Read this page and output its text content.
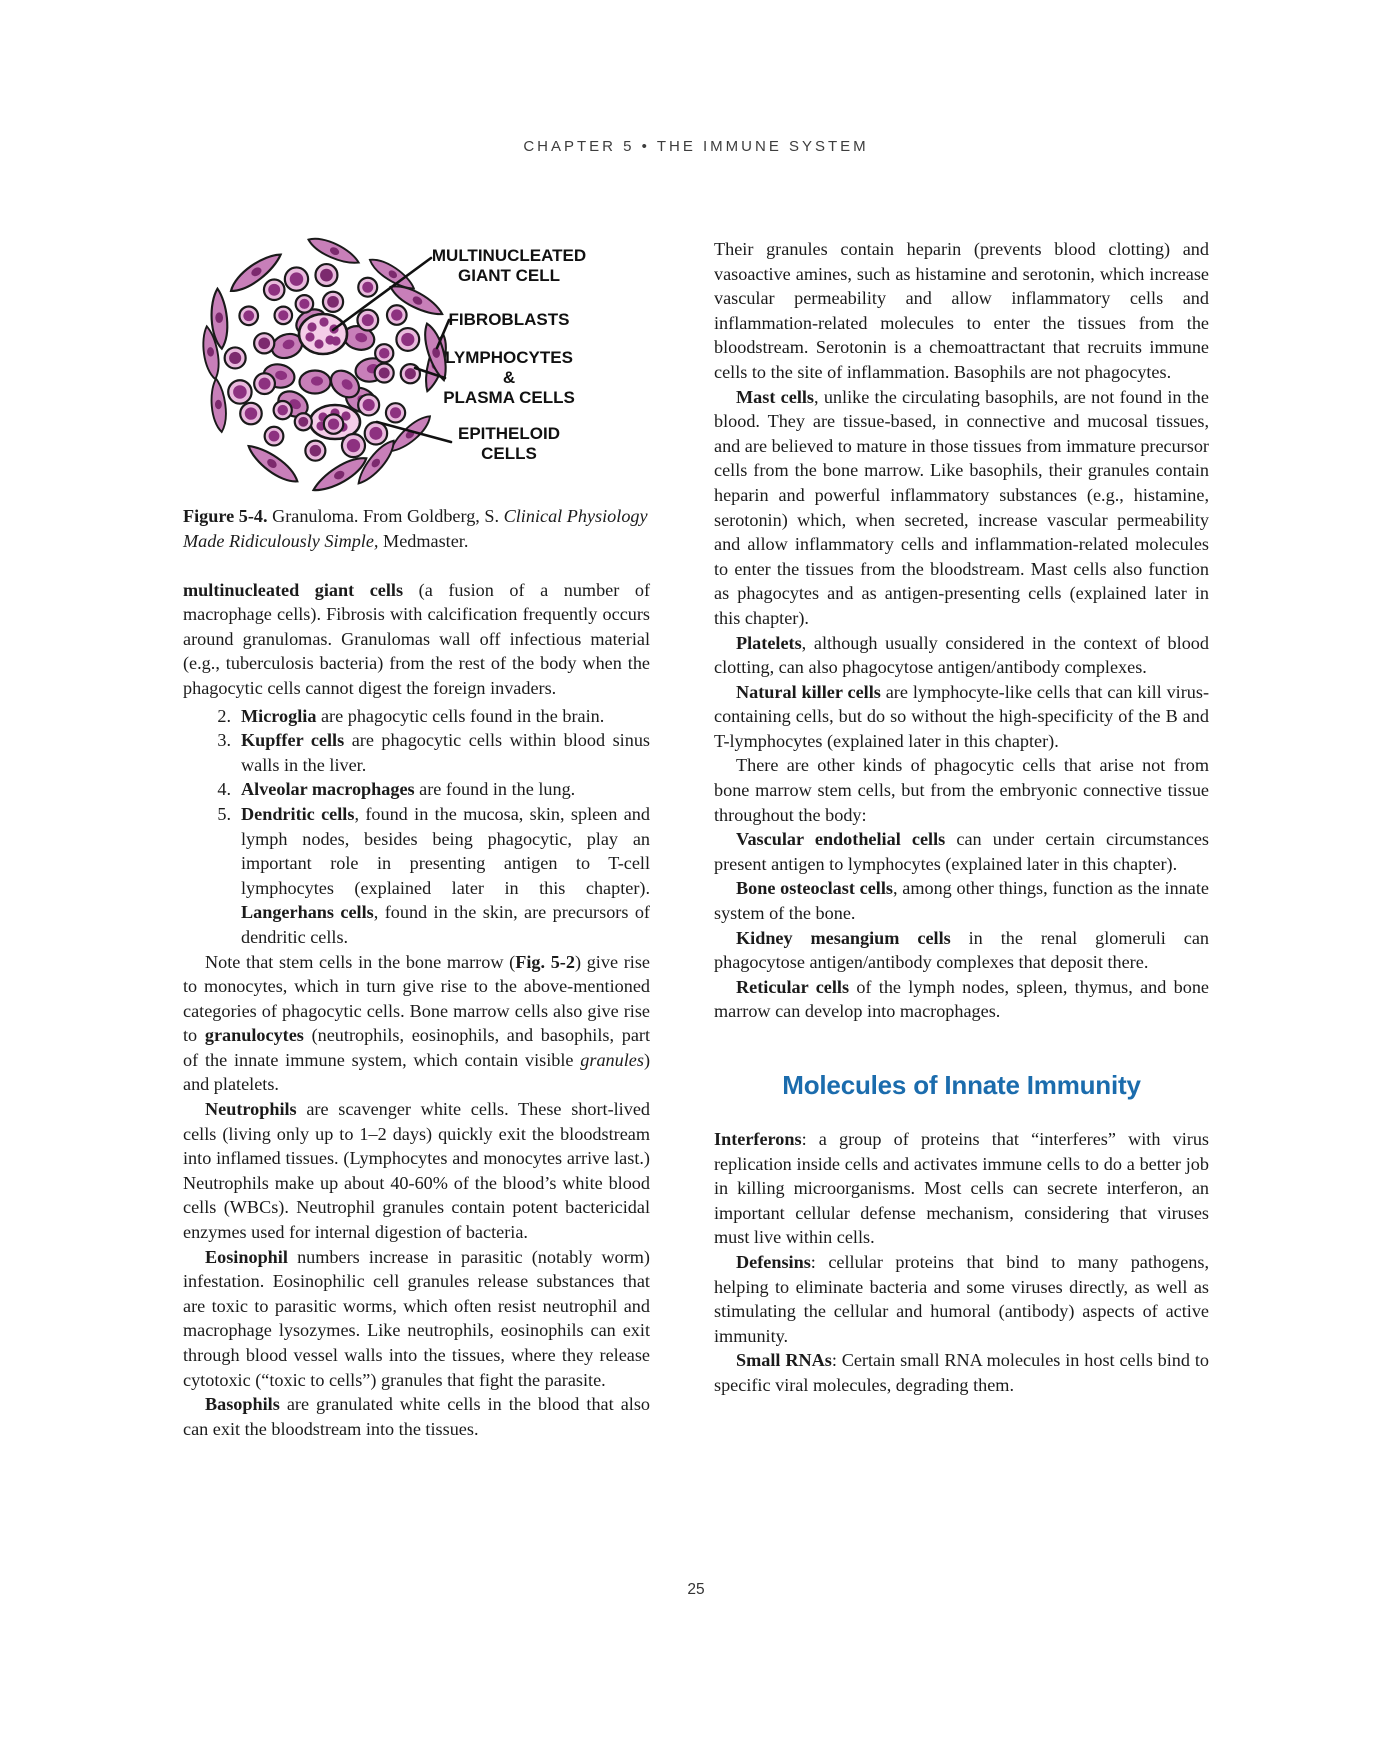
CHAPTER 5 • THE IMMUNE SYSTEM
MULTINUCLEATED
GIANT CELL
FIBROBLASTS
LYMPHOCYTES
&
PLASMA CELLS
EPITHELOID
CELLS
Figure 5-4. Granuloma. From Goldberg, S. Clinical Physiology Made Ridiculously Simple, Medmaster.

multinucleated giant cells (a fusion of a number of macrophage cells). Fibrosis with calcification frequently occurs around granulomas. Granulomas wall off infectious material (e.g., tuberculosis bacteria) from the rest of the body when the phagocytic cells cannot digest the foreign invaders.

2. Microglia are phagocytic cells found in the brain.
3. Kupffer cells are phagocytic cells within blood sinus walls in the liver.
4. Alveolar macrophages are found in the lung.
5. Dendritic cells, found in the mucosa, skin, spleen and lymph nodes, besides being phagocytic, play an important role in presenting antigen to T-cell lymphocytes (explained later in this chapter). Langerhans cells, found in the skin, are precursors of dendritic cells.

Note that stem cells in the bone marrow (Fig. 5-2) give rise to monocytes, which in turn give rise to the above-mentioned categories of phagocytic cells. Bone marrow cells also give rise to granulocytes (neutrophils, eosinophils, and basophils, part of the innate immune system, which contain visible granules) and platelets.

Neutrophils are scavenger white cells. These short-lived cells (living only up to 1–2 days) quickly exit the bloodstream into inflamed tissues. (Lymphocytes and monocytes arrive last.) Neutrophils make up about 40-60% of the blood’s white blood cells (WBCs). Neutrophil granules contain potent bactericidal enzymes used for internal digestion of bacteria.

Eosinophil numbers increase in parasitic (notably worm) infestation. Eosinophilic cell granules release substances that are toxic to parasitic worms, which often resist neutrophil and macrophage lysozymes. Like neutrophils, eosinophils can exit through blood vessel walls into the tissues, where they release cytotoxic (“toxic to cells”) granules that fight the parasite.

Basophils are granulated white cells in the blood that also can exit the bloodstream into the tissues.

Their granules contain heparin (prevents blood clotting) and vasoactive amines, such as histamine and serotonin, which increase vascular permeability and allow inflammatory cells and inflammation-related molecules to enter the tissues from the bloodstream. Serotonin is a chemoattractant that recruits immune cells to the site of inflammation. Basophils are not phagocytes.

Mast cells, unlike the circulating basophils, are not found in the blood. They are tissue-based, in connective and mucosal tissues, and are believed to mature in those tissues from immature precursor cells from the bone marrow. Like basophils, their granules contain heparin and powerful inflammatory substances (e.g., histamine, serotonin) which, when secreted, increase vascular permeability and allow inflammatory cells and inflammation-related molecules to enter the tissues from the bloodstream. Mast cells also function as phagocytes and as antigen-presenting cells (explained later in this chapter).

Platelets, although usually considered in the context of blood clotting, can also phagocytose antigen/antibody complexes.

Natural killer cells are lymphocyte-like cells that can kill virus-containing cells, but do so without the high-specificity of the B and T-lymphocytes (explained later in this chapter).

There are other kinds of phagocytic cells that arise not from bone marrow stem cells, but from the embryonic connective tissue throughout the body:

Vascular endothelial cells can under certain circumstances present antigen to lymphocytes (explained later in this chapter).

Bone osteoclast cells, among other things, function as the innate system of the bone.

Kidney mesangium cells in the renal glomeruli can phagocytose antigen/antibody complexes that deposit there.

Reticular cells of the lymph nodes, spleen, thymus, and bone marrow can develop into macrophages.

Molecules of Innate Immunity

Interferons: a group of proteins that “interferes” with virus replication inside cells and activates immune cells to do a better job in killing microorganisms. Most cells can secrete interferon, an important cellular defense mechanism, considering that viruses must live within cells.

Defensins: cellular proteins that bind to many pathogens, helping to eliminate bacteria and some viruses directly, as well as stimulating the cellular and humoral (antibody) aspects of active immunity.

Small RNAs: Certain small RNA molecules in host cells bind to specific viral molecules, degrading them.

25
